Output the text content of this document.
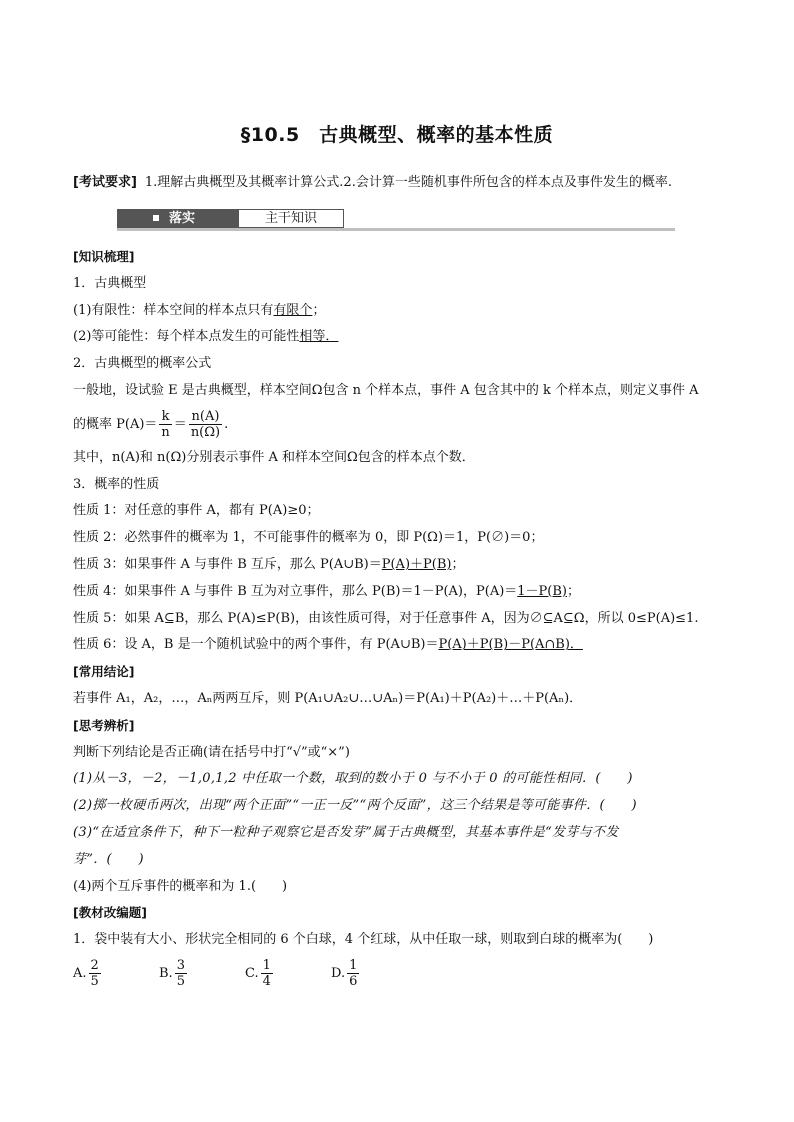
§10.5　古典概型、概率的基本性质
[考试要求] 1.理解古典概型及其概率计算公式.2.会计算一些随机事件所包含的样本点及事件发生的概率.
落实	主干知识

[知识梳理]

1．古典概型

(1)有限性：样本空间的样本点只有有限个；

(2)等可能性：每个样本点发生的可能性相等．

2．古典概型的概率公式

一般地，设试验 E 是古典概型，样本空间Ω包含 n 个样本点，事件 A 包含其中的 k 个样本点，则定义事件 A

的概率 $P(A)= \frac{k}{n} = \frac{n(A)}{n(\Omega)}$ .

其中，n(A)和 n(Ω)分别表示事件 A 和样本空间Ω包含的样本点个数．

3．概率的性质

性质 1：对任意的事件 A，都有 P(A)≥0；

性质 2：必然事件的概率为 1，不可能事件的概率为 0，即 P(Ω)＝1，P(∅)＝0；

性质 3：如果事件 A 与事件 B 互斥，那么 P(A∪B)＝P(A)＋P(B)；

性质 4：如果事件 A 与事件 B 互为对立事件，那么 P(B)＝1－P(A)，P(A)＝1－P(B)；

性质 5：如果 A⊆B，那么 P(A)≤P(B)，由该性质可得，对于任意事件 A，因为∅⊆A⊆Ω，所以 0≤P(A)≤1.

性质 6：设 A，B 是一个随机试验中的两个事件，有 P(A∪B)＝P(A)＋P(B)－P(A∩B)．

[常用结论]

若事件 A₁，A₂，…，Aₙ两两互斥，则 P(A₁∪A₂∪…∪Aₙ)＝P(A₁)＋P(A₂)＋…＋P(Aₙ)．

[思考辨析]

判断下列结论是否正确(请在括号中打“√”或“×”)

(1)从－3，－2，－1,0,1,2 中任取一个数，取到的数小于 0 与不小于 0 的可能性相同．(　　)

(2)掷一枚硬币两次，出现“两个正面”“一正一反”“两个反面”，这三个结果是等可能事件．(　　)

(3)“在适宜条件下，种下一粒种子观察它是否发芽”属于古典概型，其基本事件是“发芽与不发

芽”．(　　)

(4)两个互斥事件的概率和为 1.(　　)

[教材改编题]

1．袋中装有大小、形状完全相同的 6 个白球，4 个红球，从中任取一球，则取到白球的概率为(　　)

A. $\frac{2}{5}$	B. $\frac{3}{5}$	C. $\frac{1}{4}$	D. $\frac{1}{6}$
